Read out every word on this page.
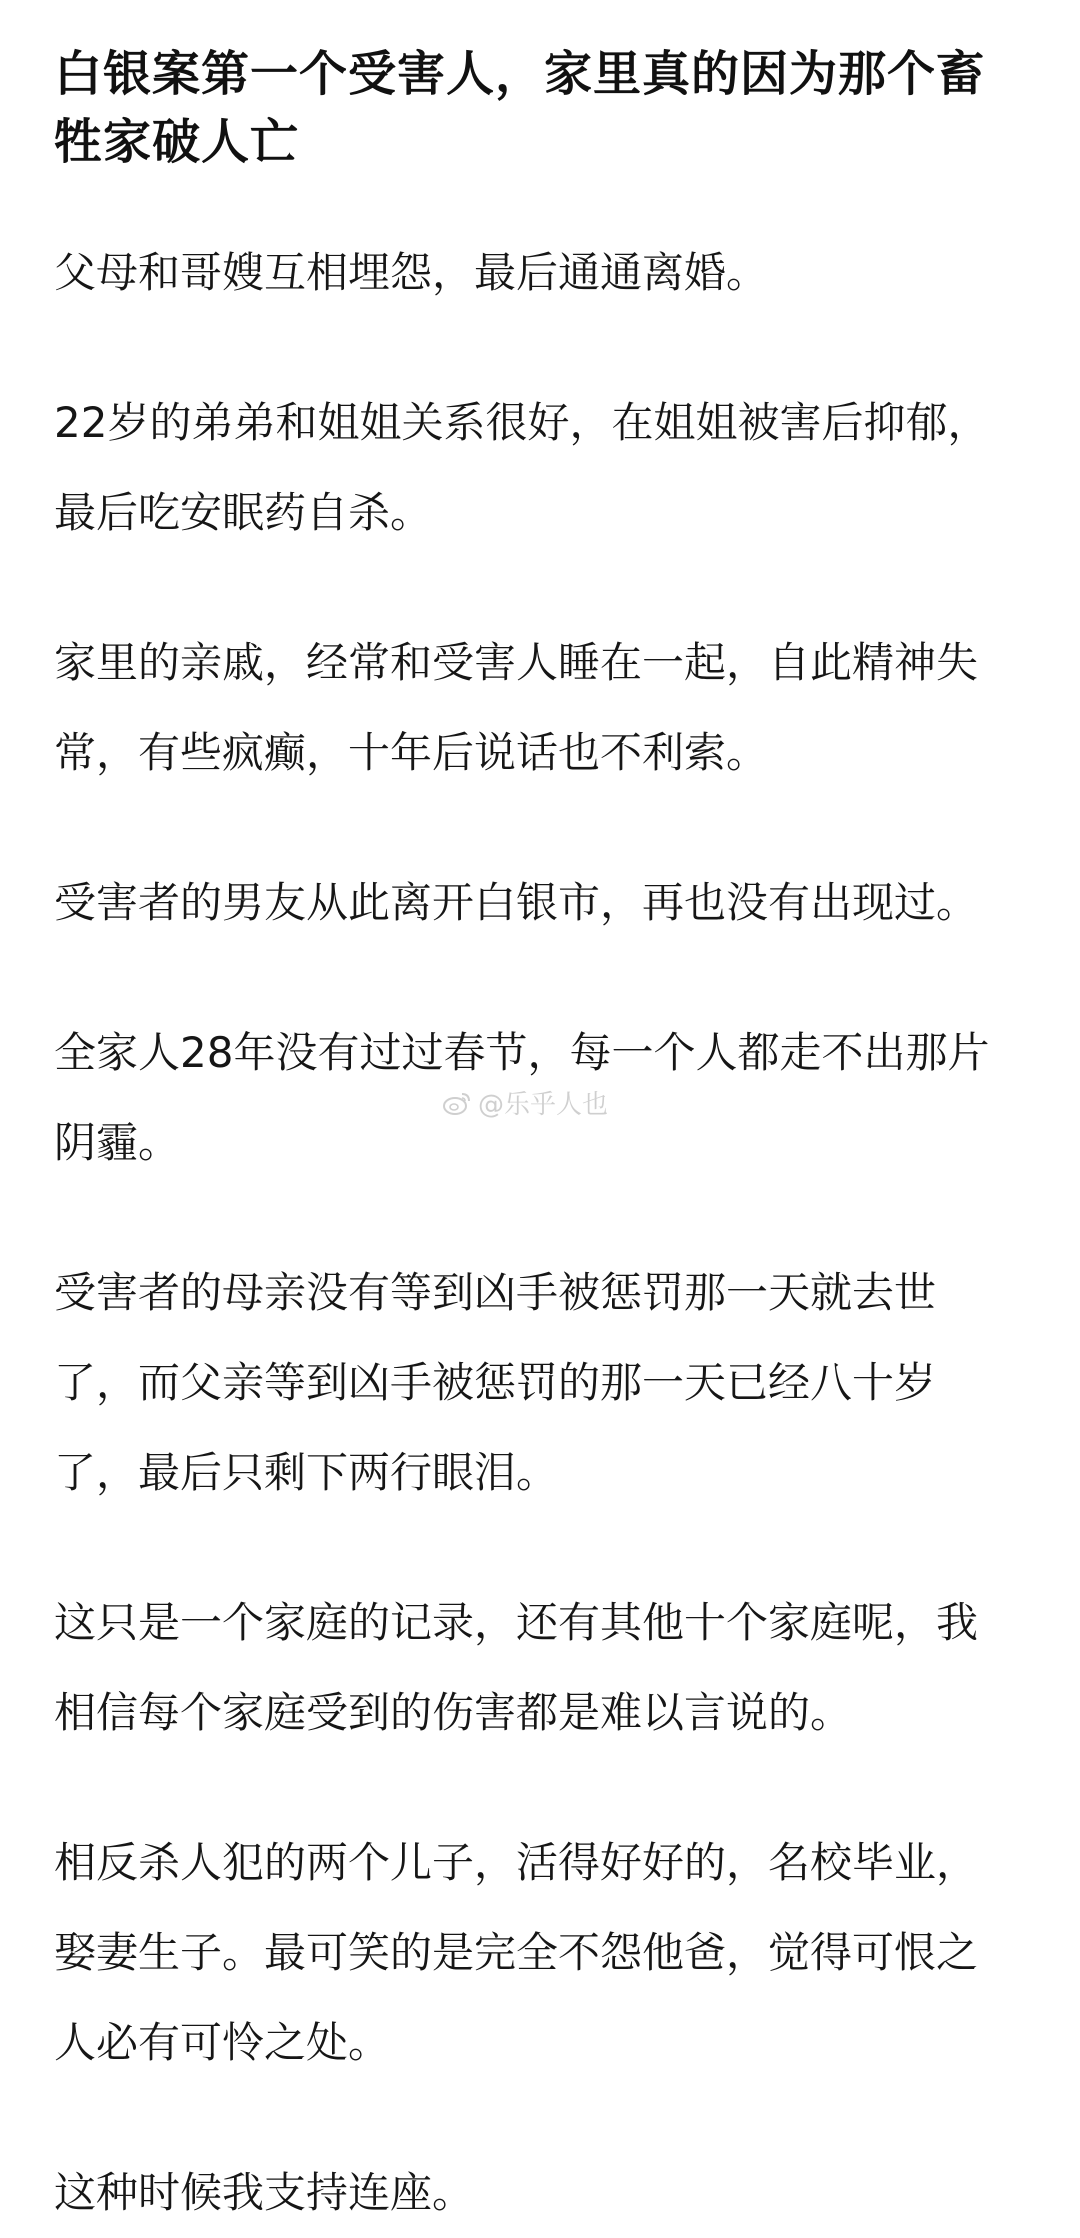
白银案第一个受害人，家里真的因为那个畜牲家破人亡

父母和哥嫂互相埋怨，最后通通离婚。

22岁的弟弟和姐姐关系很好，在姐姐被害后抑郁，最后吃安眠药自杀。

家里的亲戚，经常和受害人睡在一起，自此精神失常，有些疯癫，十年后说话也不利索。

受害者的男友从此离开白银市，再也没有出现过。

全家人28年没有过过春节，每一个人都走不出那片阴霾。

受害者的母亲没有等到凶手被惩罚那一天就去世了，而父亲等到凶手被惩罚的那一天已经八十岁了，最后只剩下两行眼泪。

这只是一个家庭的记录，还有其他十个家庭呢，我相信每个家庭受到的伤害都是难以言说的。

相反杀人犯的两个儿子，活得好好的，名校毕业，娶妻生子。最可笑的是完全不怨他爸，觉得可恨之人必有可怜之处。

这种时候我支持连座。

@乐乎人也
